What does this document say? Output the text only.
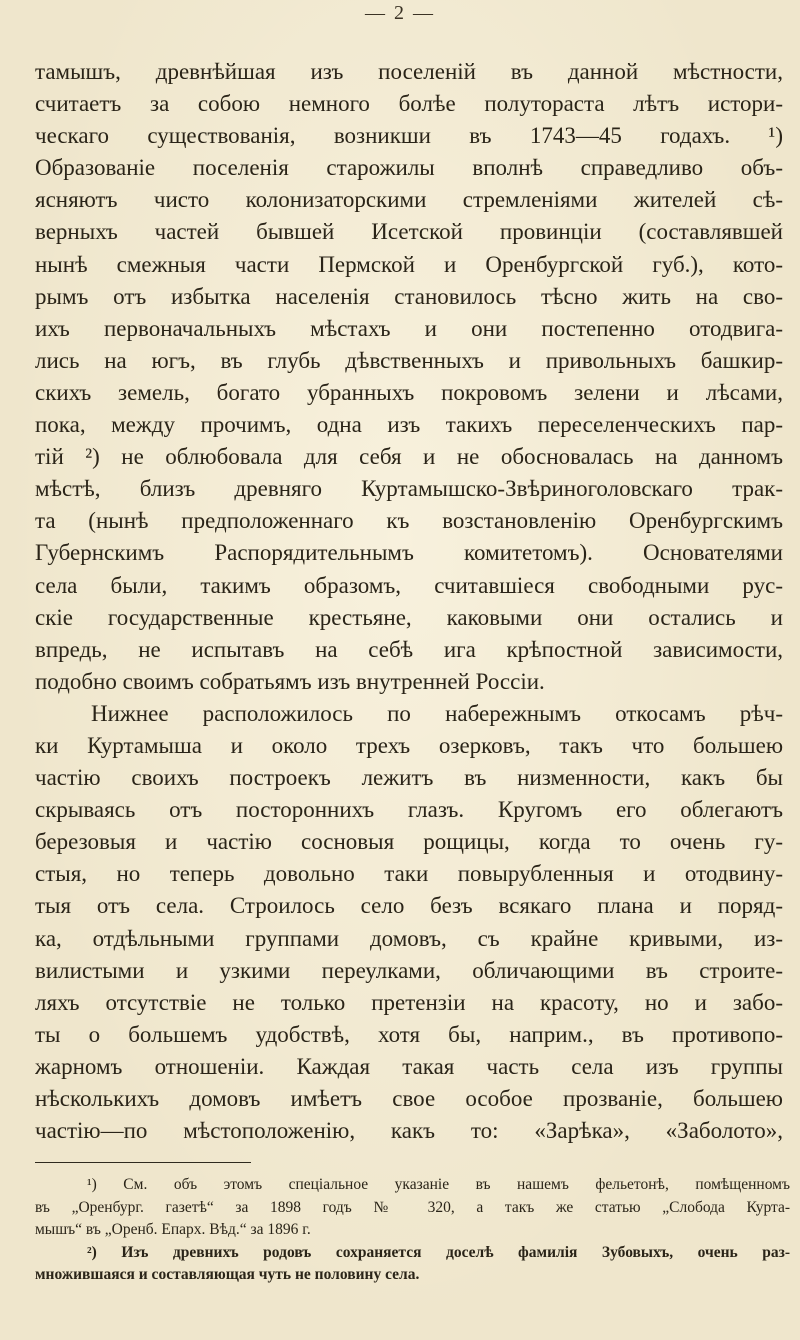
— 2 —
тамышъ, древнѣйшая изъ поселеній въ данной мѣстности,
считаетъ за собою немного болѣе полутораста лѣтъ истори-
ческаго существованія, возникши въ 1743—45 годахъ. ¹)
Образованіе поселенія старожилы вполнѣ справедливо объ-
ясняютъ чисто колонизаторскими стремленіями жителей сѣ-
верныхъ частей бывшей Исетской провинціи (составлявшей
нынѣ смежныя части Пермской и Оренбургской губ.), кото-
рымъ отъ избытка населенія становилось тѣсно жить на сво-
ихъ первоначальныхъ мѣстахъ и они постепенно отодвига-
лись на югъ, въ глубь дѣвственныхъ и привольныхъ башкир-
скихъ земель, богато убранныхъ покровомъ зелени и лѣсами,
пока, между прочимъ, одна изъ такихъ переселенческихъ пар-
тій ²) не облюбовала для себя и не обосновалась на данномъ
мѣстѣ, близъ древняго Куртамышско-Звѣриноголовскаго трак-
та (нынѣ предположеннаго къ возстановленію Оренбургскимъ
Губернскимъ Распорядительнымъ комитетомъ). Основателями
села были, такимъ образомъ, считавшіеся свободными рус-
скіе государственные крестьяне, каковыми они остались и
впредь, не испытавъ на себѣ ига крѣпостной зависимости,
подобно своимъ собратьямъ изъ внутренней Россіи.
Нижнее расположилось по набережнымъ откосамъ рѣч-
ки Куртамыша и около трехъ озерковъ, такъ что большею
частію своихъ построекъ лежитъ въ низменности, какъ бы
скрываясь отъ постороннихъ глазъ. Кругомъ его облегаютъ
березовыя и частію сосновыя рощицы, когда то очень гу-
стыя, но теперь довольно таки повырубленныя и отодвину-
тыя отъ села. Строилось село безъ всякаго плана и поряд-
ка, отдѣльными группами домовъ, съ крайне кривыми, из-
вилистыми и узкими переулками, обличающими въ строите-
ляхъ отсутствіе не только претензіи на красоту, но и забо-
ты о большемъ удобствѣ, хотя бы, наприм., въ противопо-
жарномъ отношеніи. Каждая такая часть села изъ группы
нѣсколькихъ домовъ имѣетъ свое особое прозваніе, большею
частію—по мѣстоположенію, какъ то: «Зарѣка», «Заболото»,
¹) См. объ этомъ спеціальное указаніе въ нашемъ фельетонѣ, помѣщенномъ
въ „Оренбург. газетѣ“ за 1898 годъ № 320, а такъ же статью „Слобода Курта-
мышъ“ въ „Оренб. Епарх. Вѣд.“ за 1896 г.
²) Изъ древнихъ родовъ сохраняется доселѣ фамилія Зубовыхъ, очень раз-
множившаяся и составляющая чуть не половину села.
